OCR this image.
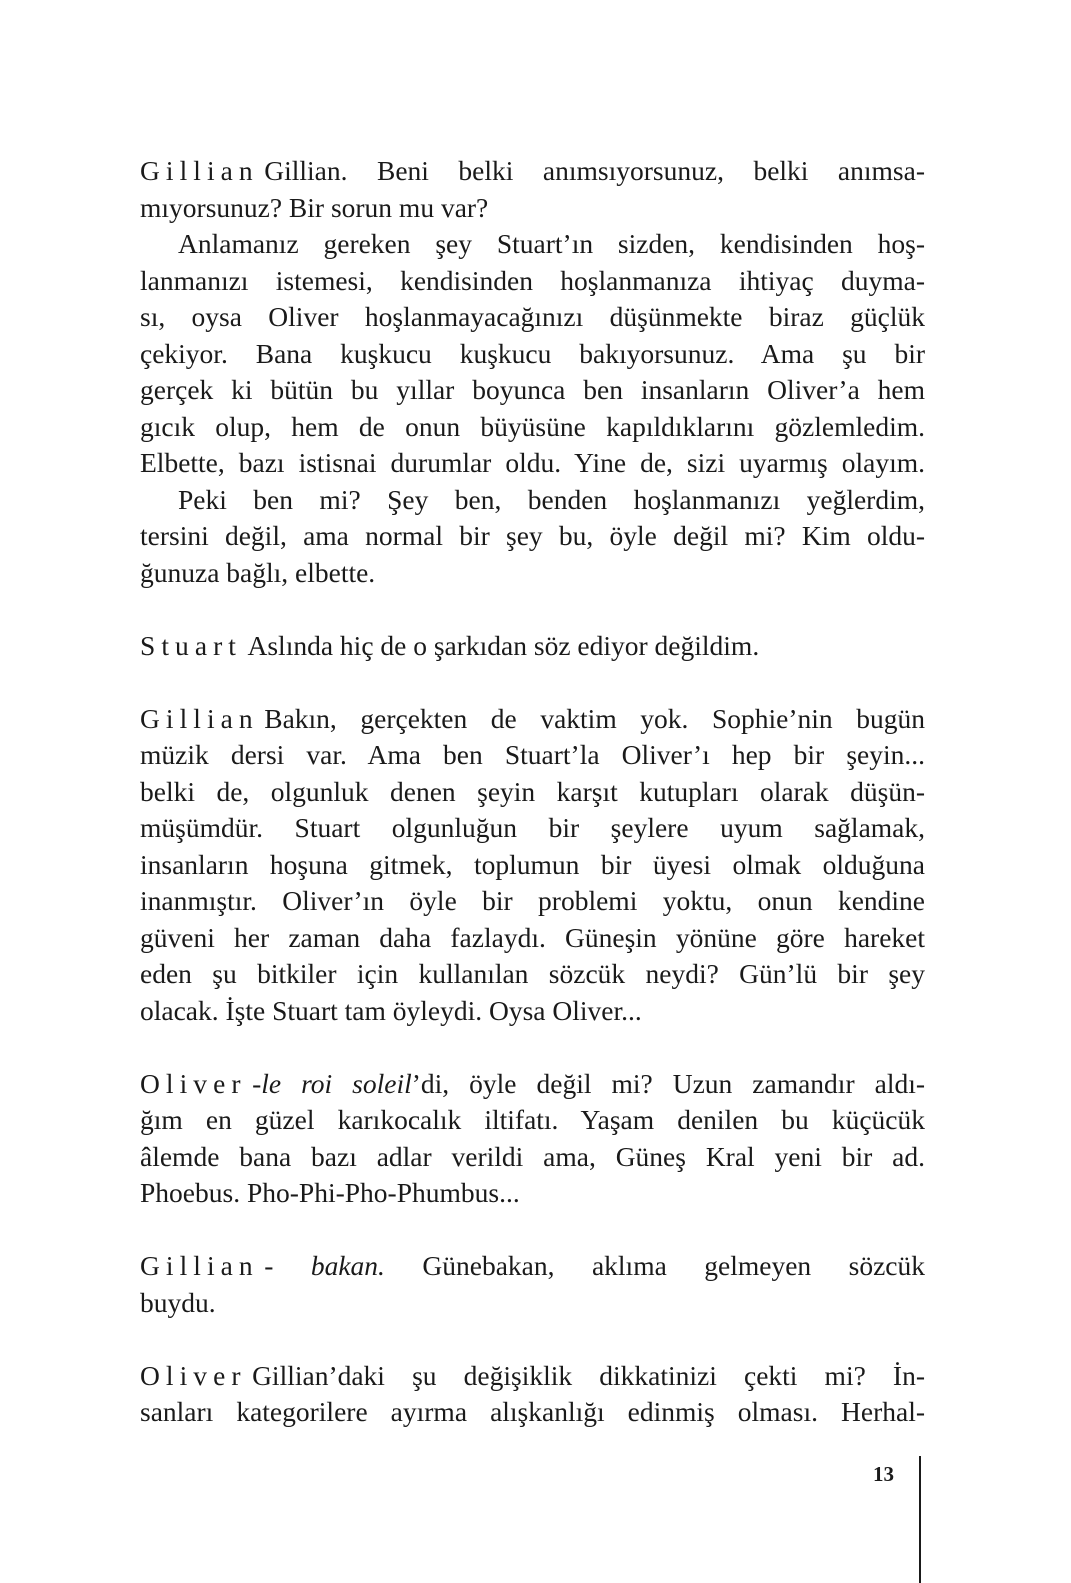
Gillian Gillian. Beni belki anımsıyorsunuz, belki anımsa-
mıyorsunuz? Bir sorun mu var?
Anlamanız gereken şey Stuart’ın sizden, kendisinden hoş-
lanmanızı istemesi, kendisinden hoşlanmanıza ihtiyaç duyma-
sı, oysa Oliver hoşlanmayacağınızı düşünmekte biraz güçlük
çekiyor. Bana kuşkucu kuşkucu bakıyorsunuz. Ama şu bir
gerçek ki bütün bu yıllar boyunca ben insanların Oliver’a hem
gıcık olup, hem de onun büyüsüne kapıldıklarını gözlemledim.
Elbette, bazı istisnai durumlar oldu. Yine de, sizi uyarmış olayım.
Peki ben mi? Şey ben, benden hoşlanmanızı yeğlerdim,
tersini değil, ama normal bir şey bu, öyle değil mi? Kim oldu-
ğunuza bağlı, elbette.
Stuart Aslında hiç de o şarkıdan söz ediyor değildim.
Gillian Bakın, gerçekten de vaktim yok. Sophie’nin bugün
müzik dersi var. Ama ben Stuart’la Oliver’ı hep bir şeyin...
belki de, olgunluk denen şeyin karşıt kutupları olarak düşün-
müşümdür. Stuart olgunluğun bir şeylere uyum sağlamak,
insanların hoşuna gitmek, toplumun bir üyesi olmak olduğuna
inanmıştır. Oliver’ın öyle bir problemi yoktu, onun kendine
güveni her zaman daha fazlaydı. Güneşin yönüne göre hareket
eden şu bitkiler için kullanılan sözcük neydi? Gün’lü bir şey
olacak. İşte Stuart tam öyleydi. Oysa Oliver...
Oliver -le roi soleil’di, öyle değil mi? Uzun zamandır aldı-
ğım en güzel karıkocalık iltifatı. Yaşam denilen bu küçücük
âlemde bana bazı adlar verildi ama, Güneş Kral yeni bir ad.
Phoebus. Pho-Phi-Pho-Phumbus...
Gillian - bakan. Günebakan, aklıma gelmeyen sözcük
buydu.
Oliver Gillian’daki şu değişiklik dikkatinizi çekti mi? İn-
sanları kategorilere ayırma alışkanlığı edinmiş olması. Herhal-
13
